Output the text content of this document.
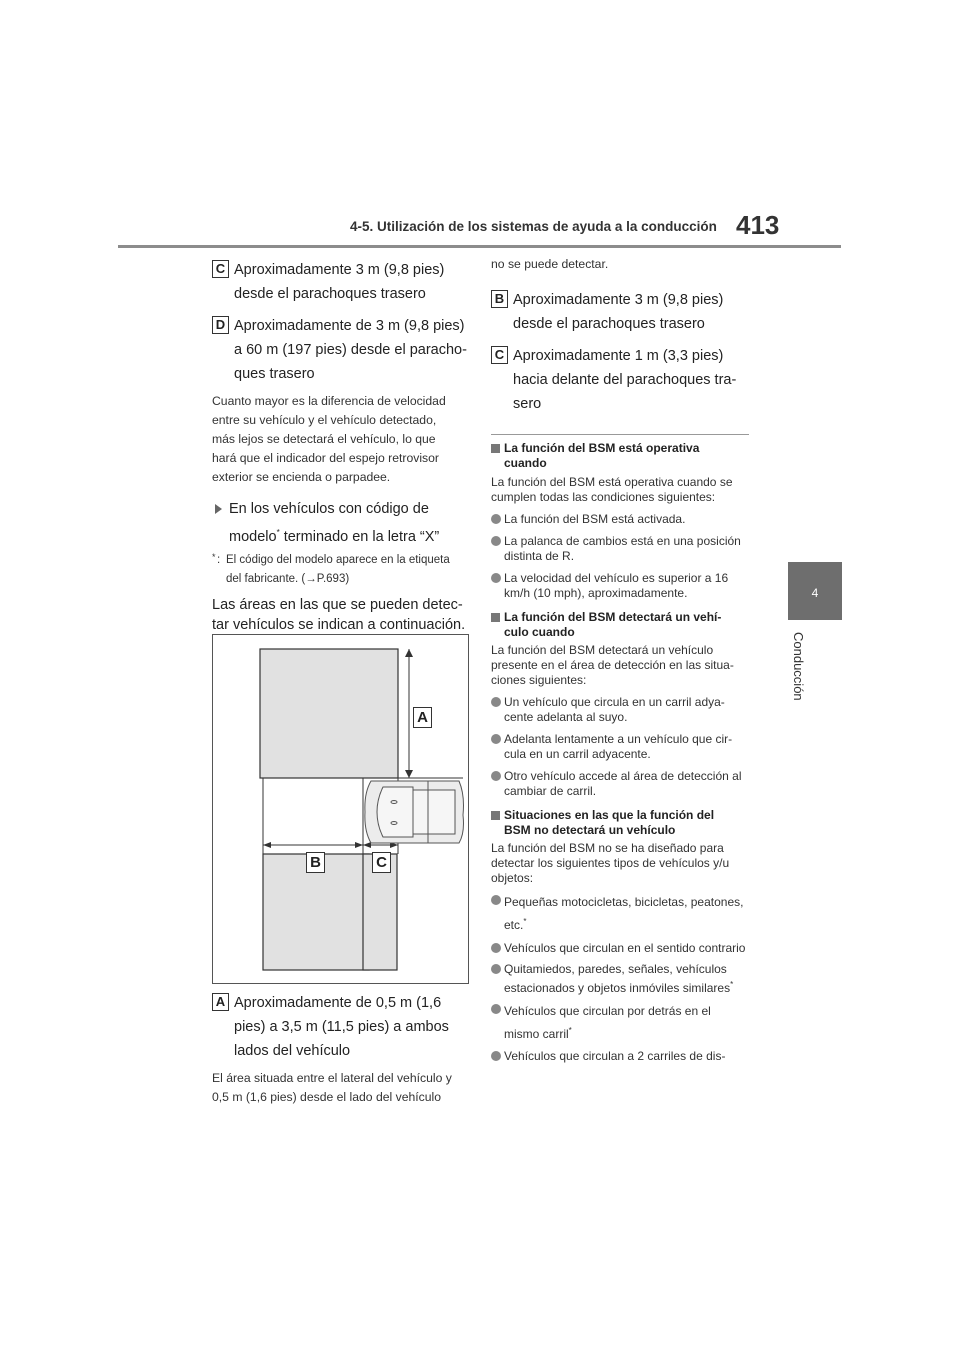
4-5. Utilización de los sistemas de ayuda a la conducción 413
4
Conducción
C Aproximadamente 3 m (9,8 pies) desde el parachoques trasero
D Aproximadamente de 3 m (9,8 pies) a 60 m (197 pies) desde el parachoques trasero
Cuanto mayor es la diferencia de velocidad entre su vehículo y el vehículo detectado, más lejos se detectará el vehículo, lo que hará que el indicador del espejo retrovisor exterior se encienda o parpadee.
En los vehículos con código de modelo* terminado en la letra “X”
* : El código del modelo aparece en la etiqueta del fabricante. (→P.693)
Las áreas en las que se pueden detectar vehículos se indican a continuación.
A
B	C
A Aproximadamente de 0,5 m (1,6 pies) a 3,5 m (11,5 pies) a ambos lados del vehículo
El área situada entre el lateral del vehículo y 0,5 m (1,6 pies) desde el lado del vehículo
no se puede detectar.
B Aproximadamente 3 m (9,8 pies) desde el parachoques trasero
C Aproximadamente 1 m (3,3 pies) hacia delante del parachoques trasero
La función del BSM está operativa cuando
La función del BSM está operativa cuando se cumplen todas las condiciones siguientes:
La función del BSM está activada.
La palanca de cambios está en una posición distinta de R.
La velocidad del vehículo es superior a 16 km/h (10 mph), aproximadamente.
La función del BSM detectará un vehículo cuando
La función del BSM detectará un vehículo presente en el área de detección en las situaciones siguientes:
Un vehículo que circula en un carril adyacente adelanta al suyo.
Adelanta lentamente a un vehículo que circula en un carril adyacente.
Otro vehículo accede al área de detección al cambiar de carril.
Situaciones en las que la función del BSM no detectará un vehículo
La función del BSM no se ha diseñado para detectar los siguientes tipos de vehículos y/u objetos:
Pequeñas motocicletas, bicicletas, peatones, etc.*
Vehículos que circulan en el sentido contrario
Quitamiedos, paredes, señales, vehículos estacionados y objetos inmóviles similares*
Vehículos que circulan por detrás en el mismo carril*
Vehículos que circulan a 2 carriles de dis-
